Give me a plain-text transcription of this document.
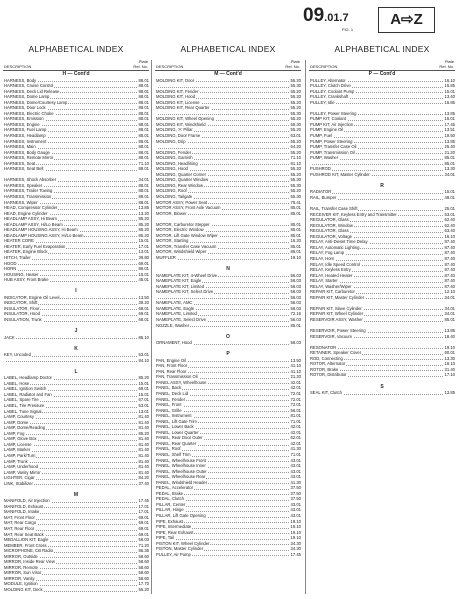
09.01.7
FIG. 1
A⇨Z
ALPHABETICAL INDEX
DESCRIPTION
Plate
Ref. No.
H — Cont'd
HARNESS, Body	88.01
HARNESS, Cruise Control	88.01
HARNESS, Deck Lid Release	88.01
HARNESS, Dome Lamp	88.01
HARNESS, Dome/Courtesy Lamp	88.01
HARNESS, Door Lock	88.01
HARNESS, Electric Choke	88.01
HARNESS, Emission	88.01
HARNESS, Engine	88.01
HARNESS, Fuel Lamp	88.01
HARNESS, Headlamp	88.01
HARNESS, Instrument	88.01
HARNESS, Main	88.01
HARNESS, Body Gauge	88.01
HARNESS, Remote Mirror	88.01
HARNESS, Seat	71.10
HARNESS, Seat Belt	88.01
HARNESS, Shock Absorber	34.01
HARNESS, Speaker	88.01
HARNESS, Trailer Towing	88.01
HARNESS, Transmission	88.01
HARNESS, Wiper	88.01
HEAD, Compressor Cylinder	13.85
HEAD, Engine Cylinder	13.20
HEADLAMP ASSY, Hi Beam	85.20
HEADLAMP ASSY, Hi/Lo Beam	85.20
HEADLAMP HOUSING ASSY, Hi Beam	85.20
HEADLAMP HOUSING ASSY, Hi/Lo Beam	85.20
HEATER CORE	15.01
HEATER, Early Fuel Evaporation	17.01
HEATER, Engine Block	13.01
HITCH, Trailer	39.80
HOOD	69.01
HORN	86.01
HOUSING, Heater	15.01
HUB ASSY, Front Brake	45.01
I
INDICATOR, Engine Oil Level	13.50
INDICATOR, Shift	39.20
INSULATOR, Floor	68.01
INSULATOR, Hood	69.01
INSULATION, Trunk	68.01
J
JACK	85.10
K
KEY, Uncoded	53.01
84.10
L
LABEL, Headlamp Doctor	85.20
LABEL, Hose	15.01
LABEL, Ignition Switch	69.01
LABEL, Radiator and Fan	15.01
LABEL, Spare Tire	67.01
LABEL, Tire Pressure	53.01
LABEL, Tune Signal	13.01
LAMP, Courtesy	81.40
LAMP, Dome	81.40
LAMP, Dome/Reading	81.40
LAMP, Fog	85.20
LAMP, Glove Box	81.40
LAMP, License	81.40
LAMP, Marker	81.40
LAMP, Park/Turn	81.40
LAMP, Trunk	81.40
LAMP, Underhood	81.40
LAMP, Vanity Mirror	81.40
LIGHTER, Cigar	84.20
LINK, Stabilizer	37.40
M
MANIFOLD, Air Injection	17.45
MANIFOLD, Exhaust	17.01
MANIFOLD, Intake	17.01
MAT, Front Floor	69.01
MAT, Rear Cargo	69.01
MAT, Rear Floor	69.01
MAT, Rear Seat Back	69.01
MEDALLION KIT, Eagle	56.03
MEMBER, Front Cross	71.20
MICROPHONE, CB Radio	86.35
MIRROR, Outside	58.60
MIRROR, Inside Rear View	58.60
MIRROR, Remote	58.60
MIRROR, Sun Visor	58.60
MIRROR, Vanity	58.60
MODULE, Ignition	17.70
MOLDING KIT, Deck	55.20
ALPHABETICAL INDEX
DESCRIPTION
Plate
Ref. No.
M — Cont'd
MOLDING KIT, Door	55.20
55.30
MOLDING KIT, Fender	55.20
MOLDING KIT, Hood	55.20
MOLDING KIT, License	55.20
MOLDING KIT, Rear Quarter	55.20
55.30
MOLDING KIT, Wheel Opening	55.20
MOLDING KIT, Windshield	55.30
MOLDING, 'A' Pillar	55.20
MOLDING, Door Frame	63.01
MOLDING, Drip	55.20
64.20
MOLDING, Fender	55.20
MOLDING, Garnish	71.10
MOLDING, Headlining	81.10
MOLDING, Hood	55.20
MOLDING, Quarter Corner	55.20
MOLDING, Quarter Window	55.30
MOLDING, Rear Window	55.30
MOLDING, Roof	55.20
MOLDING, Tailgate	55.30
MOTOR ASSY, Power Seat	75.41
MOTOR ASSY, Front Axle Vacuum	85.01
MOTOR, Blower	85.01
MOTOR, Carburetor Stepper	85.01
MOTOR, Electric Window	85.01
MOTOR, Lift Gate Window Wiper	85.01
MOTOR, Starting	16.20
MOTOR, Transfer Case Vacuum	85.01
MOTOR, Windshield Wiper	85.01
MUFFLER	19.10
N
NAMEPLATE KIT, 4-Wheel Drive	56.03
NAMEPLATE KIT, Eagle	56.03
NAMEPLATE KIT, Limited	56.03
NAMEPLATE KIT, Select Drive	56.03
56.03
NAMEPLATE, AMC	56.03
NAMEPLATE, Eagle	56.03
NAMEPLATE, Limited	72.16
NAMEPLATE, Select Drive	56.03
NOZZLE, Washer	85.01
O
ORNAMENT, Hood	56.03
P
PAN, Engine Oil	13.50
PAN, Front Floor	41.10
PAN, Rear Floor	41.10
PAN, Transmission Oil	21.20
PANEL ASSY, Wheelhouse	42.01
PANEL, Back	42.01
PANEL, Deck Lid	72.01
PANEL, Fender	72.01
PANEL, Front	72.01
PANEL, Grille	56.01
PANEL, Instrument	81.01
PANEL, Lift Gate Trim	71.01
PANEL, Lower Back	42.01
PANEL, Lower Quarter	42.01
PANEL, Rear Door Outer	62.01
PANEL, Rear Quarter	42.01
PANEL, Roof	41.30
PANEL, Shelf Trim	71.01
PANEL, Wheelhouse Front	43.01
PANEL, Wheelhouse Inner	43.01
PANEL, Wheelhouse Outer	43.01
PANEL, Wheelhouse Rear	43.01
PANEL, Windshield Header	41.30
PEDAL, Accelerator	37.50
PEDAL, Brake	37.50
PEDAL, Clutch	37.50
PILLAR, Center	43.01
PILLAR, Hinge	43.01
PILLAR, Lift Gate Opening	43.01
PIPE, Exhaust	19.10
PIPE, Intermediate	19.10
PIPE, Rear Exhaust	19.10
PIPE, Tail	19.10
PISTON KIT, Wheel Cylinder	34.30
PISTON, Master Cylinder	34.30
PULLEY, Air Pump	17.45
ALPHABETICAL INDEX
DESCRIPTION
Plate
Ref. No.
P — Cont'd
PULLEY, Alternator	16.10
PULLEY, Clutch Drive	15.85
PULLEY, Coolant Pump	15.01
PULLEY, Crankshaft	13.40
PULLEY, Idle	15.85
PULLEY, Power Steering	13.85
PUMP KIT, Coolant	15.01
PUMP KIT, Air Injection	17.45
PUMP, Engine Oil	13.51
PUMP, Fuel	19.50
PUMP, Power Steering	13.85
PUMP, Transfer Case Oil	25.40
PUMP, Transmission Oil	21.20
PUMP, Washer	85.01
85.01
PUSHROD	13.30
PUSHROD KIT, Master Cylinder	34.01
R
RADIATOR	15.01
RAIL, Bumper	48.01
RAIL, Transfer Case Shift	25.01
RECEIVER KIT, Keyless Entry and Transmitter	53.01
REGULATOR, Glass	62.40
REGULATOR, Window	62.40
REGULATOR, Glass	63.40
REGULATOR, Voltage	16.10
RELAY, Anti-Dieset Time Delay	87.40
RELAY, Automatic Lighting	87.40
RELAY, Fog Lamp	87.40
RELAY, Horn	87.40
RELAY, Idle Speed Control	87.40
RELAY, Keyless Entry	87.40
RELAY, Heated Heater	87.40
RELAY, Starter	87.40
RELAY, Washer/Wiper	87.40
REPAIR KIT, Carburetor	12.10
REPAIR KIT, Master Cylinder	34.01
REPAIR KIT, Slave Cylinder	34.01
REPAIR KIT, Wheel Cylinder	34.01
RESERVOIR ASSY, Washer	85.01
RESERVOIR, Power Steering	13.85
RESERVOIR, Vacuum	18.40
RESONATOR	19.10
RETAINER, Speaker Cover	60.01
ROD, Connecting	13.30
ROTOR, Alternator	16.10
ROTOR, Brake	31.40
ROTOR, Distributor	17.10
S
SEAL KIT, Clutch	13.85
